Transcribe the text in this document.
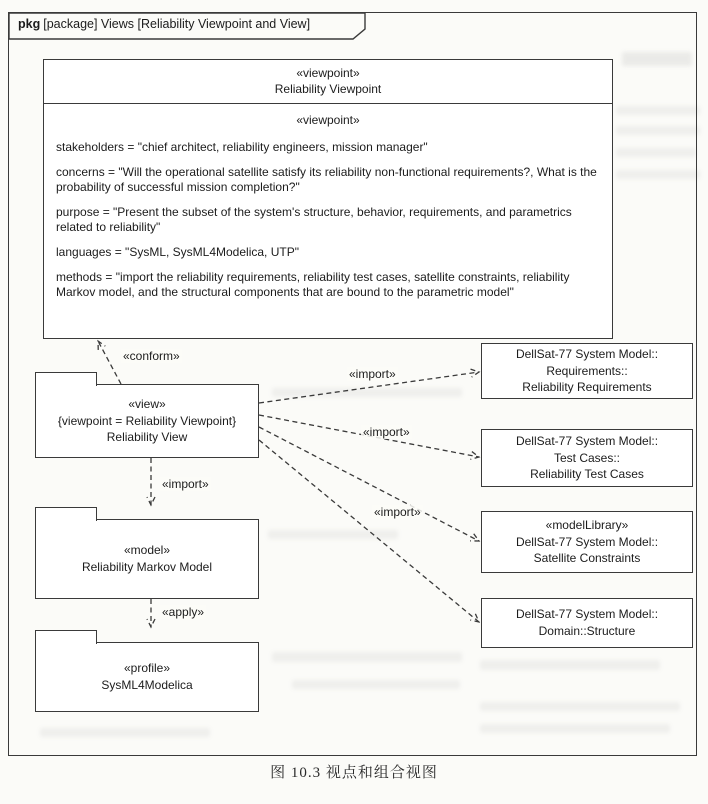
pkg [package] Views [Reliability Viewpoint and View]
«viewpoint»
Reliability Viewpoint
«viewpoint»

stakeholders = "chief architect, reliability engineers, mission manager"

concerns = "Will the operational satellite satisfy its reliability non-functional requirements?, What is the probability of successful mission completion?"

purpose = "Present the subset of the system's structure, behavior, requirements, and parametrics related to reliability"

languages = "SysML, SysML4Modelica, UTP"

methods = "import the reliability requirements, reliability test cases, satellite constraints, reliability Markov model, and the structural components that are bound to the parametric model"

«view»
{viewpoint = Reliability Viewpoint}
Reliability View
«model»
Reliability Markov Model
«profile»
SysML4Modelica
DellSat-77 System Model::
Requirements::
Reliability Requirements
DellSat-77 System Model::
Test Cases::
Reliability Test Cases
«modelLibrary»
DellSat-77 System Model::
Satellite Constraints
DellSat-77 System Model::
Domain::Structure
«conform»
«import»
«import»
«import»
«import»
«apply»
图 10.3 视点和组合视图
